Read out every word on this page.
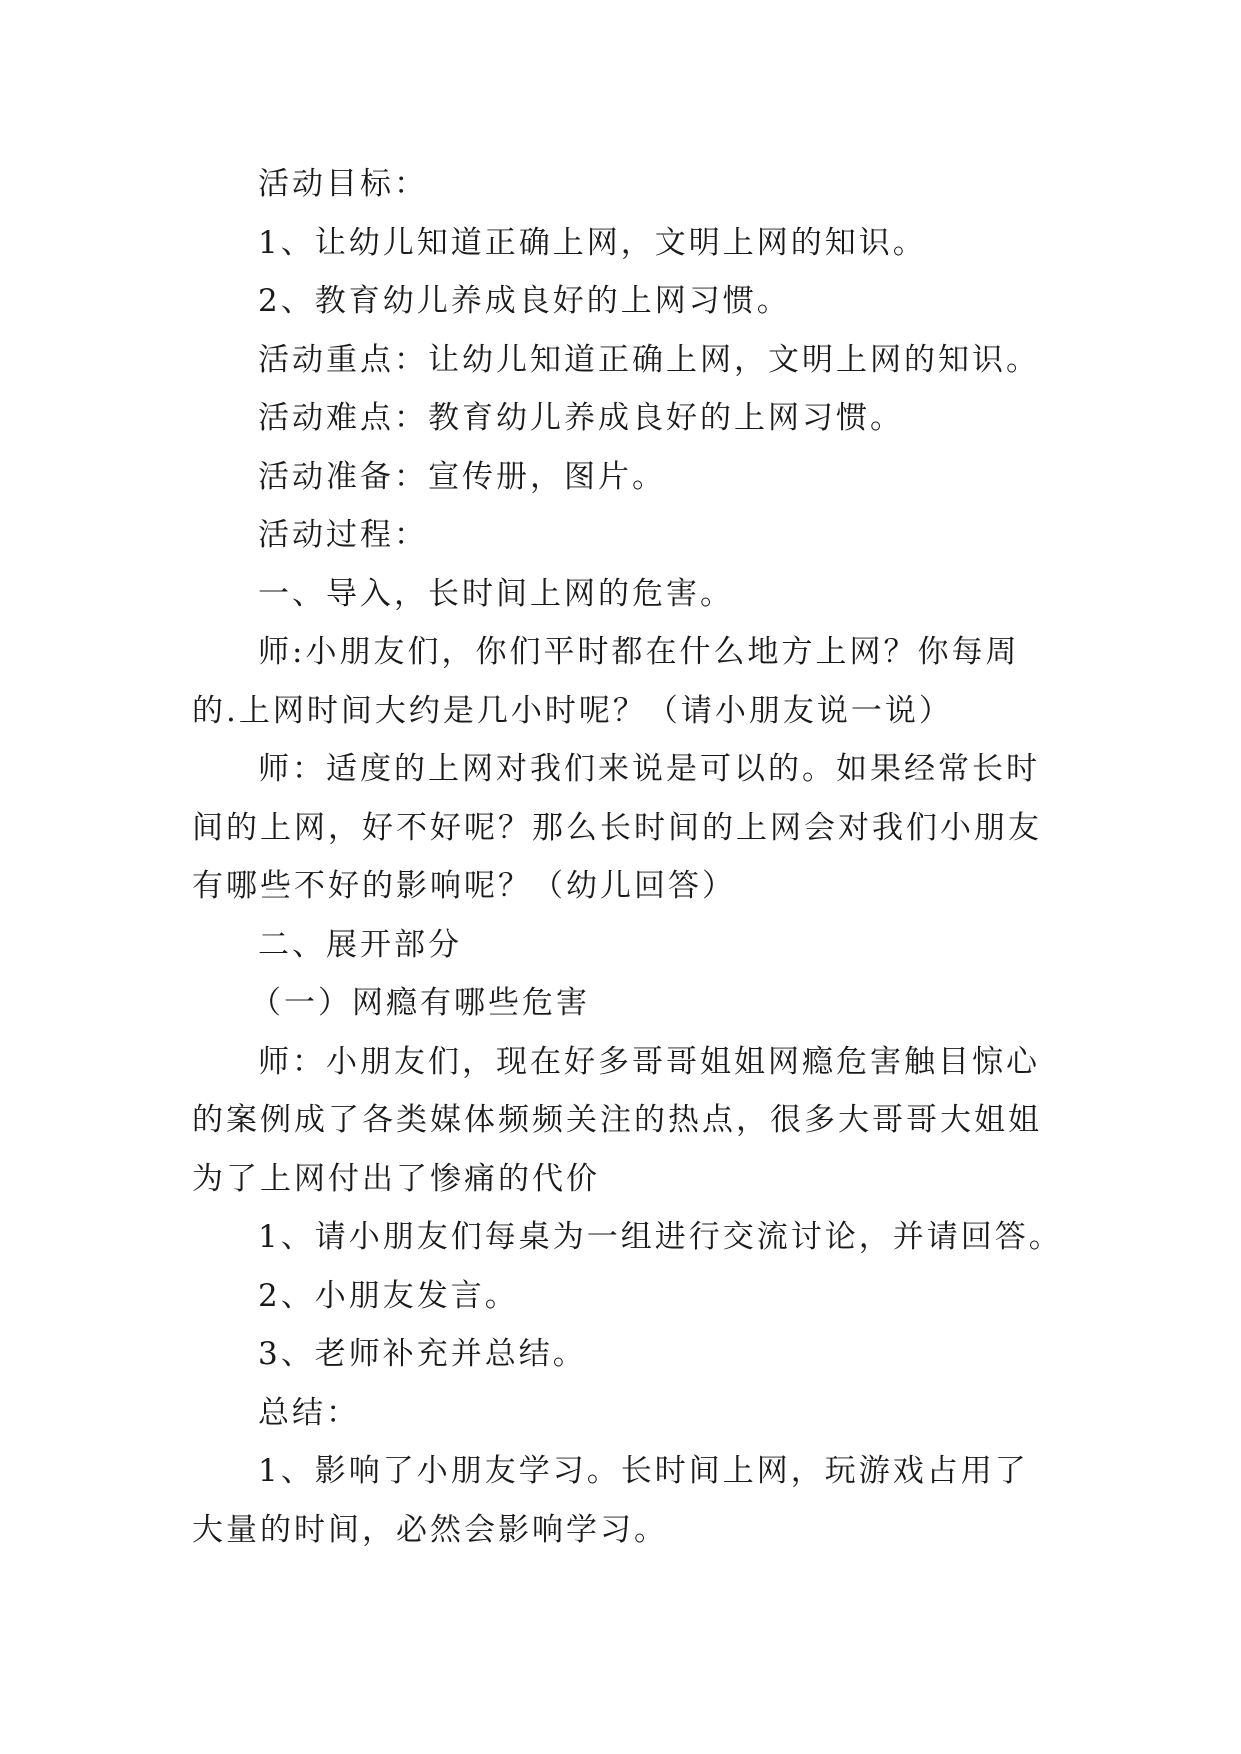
活动目标：

1、让幼儿知道正确上网，文明上网的知识。

2、教育幼儿养成良好的上网习惯。

活动重点：让幼儿知道正确上网，文明上网的知识。

活动难点：教育幼儿养成良好的上网习惯。

活动准备：宣传册，图片。

活动过程：

一、导入，长时间上网的危害。

师:小朋友们，你们平时都在什么地方上网？你每周的.上网时间大约是几小时呢？（请小朋友说一说）

师：适度的上网对我们来说是可以的。如果经常长时间的上网，好不好呢？那么长时间的上网会对我们小朋友有哪些不好的影响呢？（幼儿回答）

二、展开部分

（一）网瘾有哪些危害

师：小朋友们，现在好多哥哥姐姐网瘾危害触目惊心的案例成了各类媒体频频关注的热点，很多大哥哥大姐姐为了上网付出了惨痛的代价

1、请小朋友们每桌为一组进行交流讨论，并请回答。

2、小朋友发言。

3、老师补充并总结。

总结：

1、影响了小朋友学习。长时间上网，玩游戏占用了大量的时间，必然会影响学习。
